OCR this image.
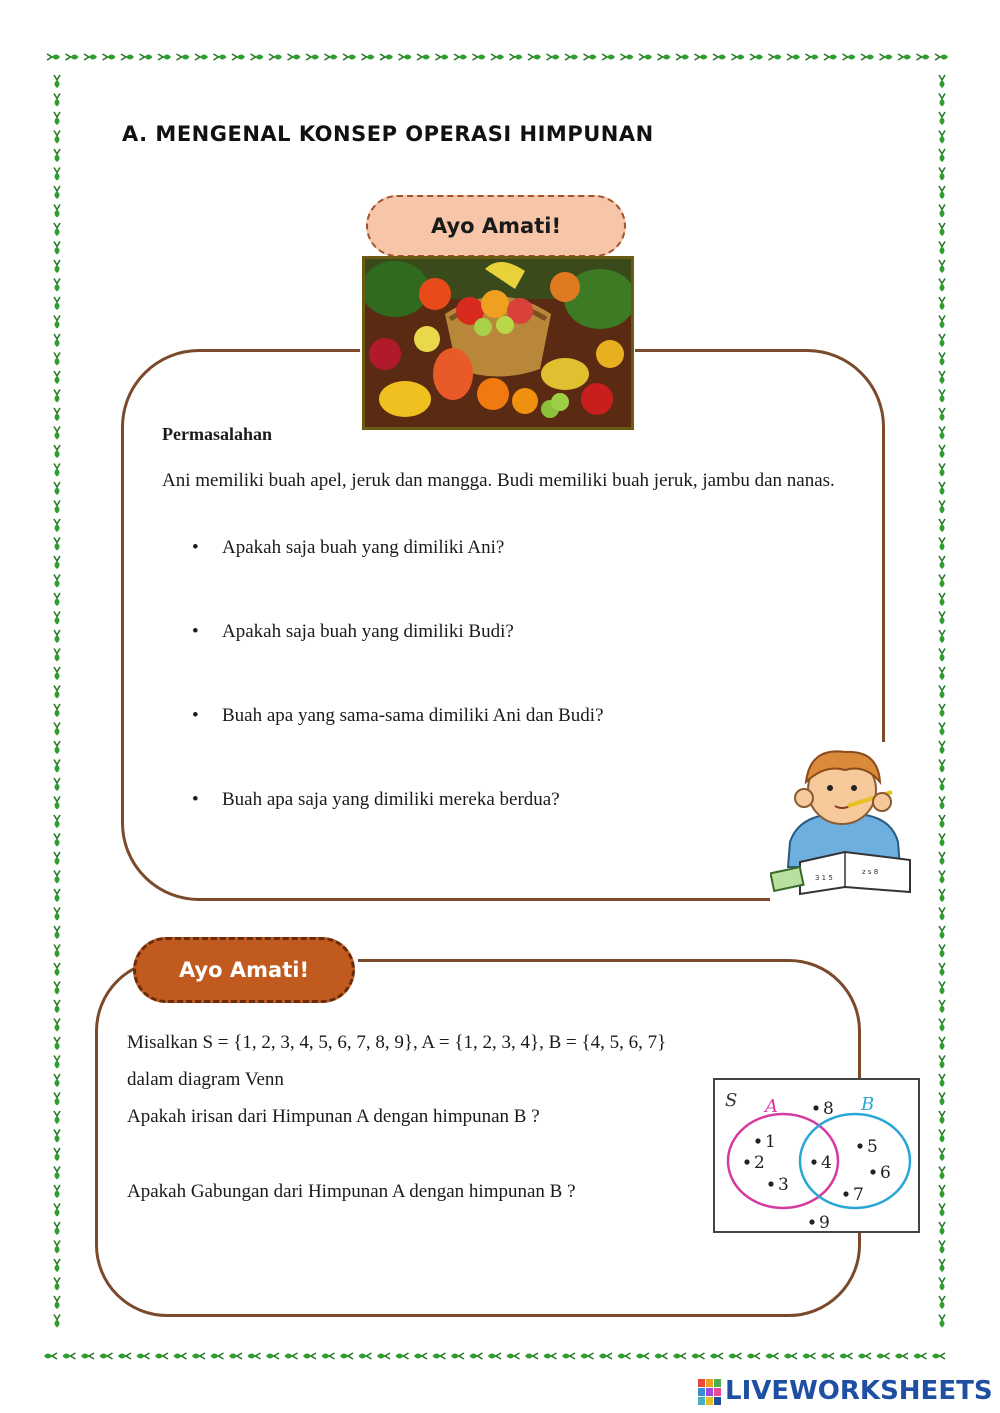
A. MENGENAL KONSEP OPERASI HIMPUNAN
Ayo Amati!
Permasalahan
Ani memiliki buah apel, jeruk dan mangga. Budi memiliki buah jeruk, jambu dan nanas.
Apakah saja buah yang dimiliki Ani?
Apakah saja buah yang dimiliki Budi?
Buah apa yang sama-sama dimiliki Ani dan Budi?
Buah apa saja yang dimiliki mereka berdua?
z s 8
3 1 5
Ayo Amati!
Misalkan S = {1, 2, 3, 4, 5, 6, 7, 8, 9}, A = {1, 2, 3, 4}, B = {4, 5, 6, 7}
dalam diagram Venn
Apakah irisan dari Himpunan A dengan himpunan B ?
Apakah Gabungan dari Himpunan A dengan himpunan B ?
S A	B
1
2
3
4
5
6
7
8
9
LIVEWORKSHEETS
